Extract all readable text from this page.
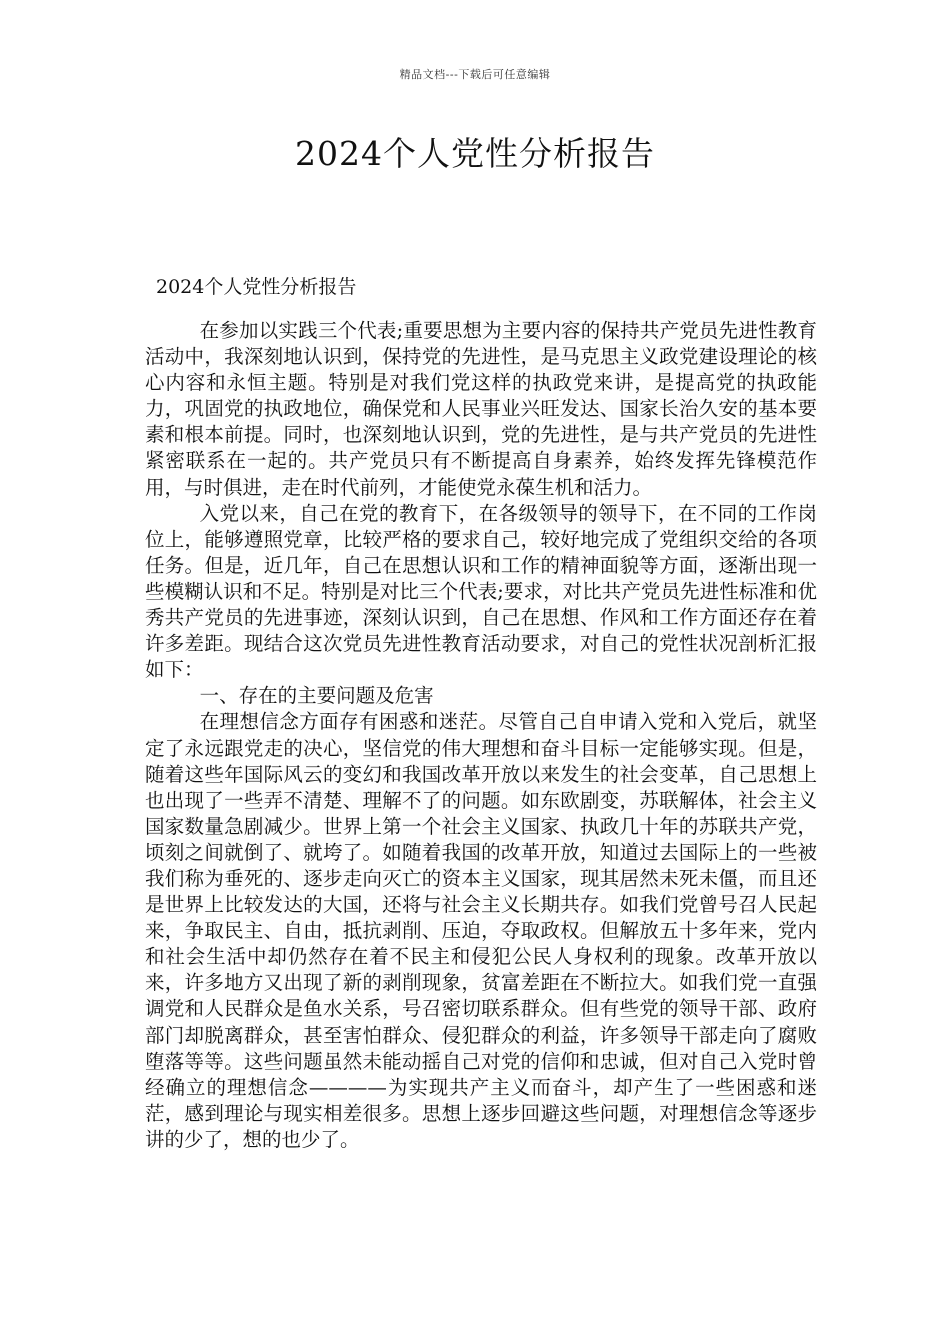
精品文档---下载后可任意编辑
2024个人党性分析报告
2024个人党性分析报告

在参加以实践三个代表;重要思想为主要内容的保持共产党员先进性教育活动中，我深刻地认识到，保持党的先进性，是马克思主义政党建设理论的核心内容和永恒主题。特别是对我们党这样的执政党来讲，是提高党的执政能力，巩固党的执政地位，确保党和人民事业兴旺发达、国家长治久安的基本要素和根本前提。同时，也深刻地认识到，党的先进性，是与共产党员的先进性紧密联系在一起的。共产党员只有不断提高自身素养，始终发挥先锋模范作用，与时俱进，走在时代前列，才能使党永葆生机和活力。

入党以来，自己在党的教育下，在各级领导的领导下，在不同的工作岗位上，能够遵照党章，比较严格的要求自己，较好地完成了党组织交给的各项任务。但是，近几年，自己在思想认识和工作的精神面貌等方面，逐渐出现一些模糊认识和不足。特别是对比三个代表;要求，对比共产党员先进性标准和优秀共产党员的先进事迹，深刻认识到，自己在思想、作风和工作方面还存在着许多差距。现结合这次党员先进性教育活动要求，对自己的党性状况剖析汇报如下：

一、存在的主要问题及危害

在理想信念方面存有困惑和迷茫。尽管自己自申请入党和入党后，就坚定了永远跟党走的决心，坚信党的伟大理想和奋斗目标一定能够实现。但是，随着这些年国际风云的变幻和我国改革开放以来发生的社会变革，自己思想上也出现了一些弄不清楚、理解不了的问题。如东欧剧变，苏联解体，社会主义国家数量急剧减少。世界上第一个社会主义国家、执政几十年的苏联共产党，顷刻之间就倒了、就垮了。如随着我国的改革开放，知道过去国际上的一些被我们称为垂死的、逐步走向灭亡的资本主义国家，现其居然未死未僵，而且还是世界上比较发达的大国，还将与社会主义长期共存。如我们党曾号召人民起来，争取民主、自由，抵抗剥削、压迫，夺取政权。但解放五十多年来，党内和社会生活中却仍然存在着不民主和侵犯公民人身权利的现象。改革开放以来，许多地方又出现了新的剥削现象，贫富差距在不断拉大。如我们党一直强调党和人民群众是鱼水关系，号召密切联系群众。但有些党的领导干部、政府部门却脱离群众，甚至害怕群众、侵犯群众的利益，许多领导干部走向了腐败堕落等等。这些问题虽然未能动摇自己对党的信仰和忠诚，但对自己入党时曾经确立的理想信念————为实现共产主义而奋斗，却产生了一些困惑和迷茫，感到理论与现实相差很多。思想上逐步回避这些问题，对理想信念等逐步讲的少了，想的也少了。
